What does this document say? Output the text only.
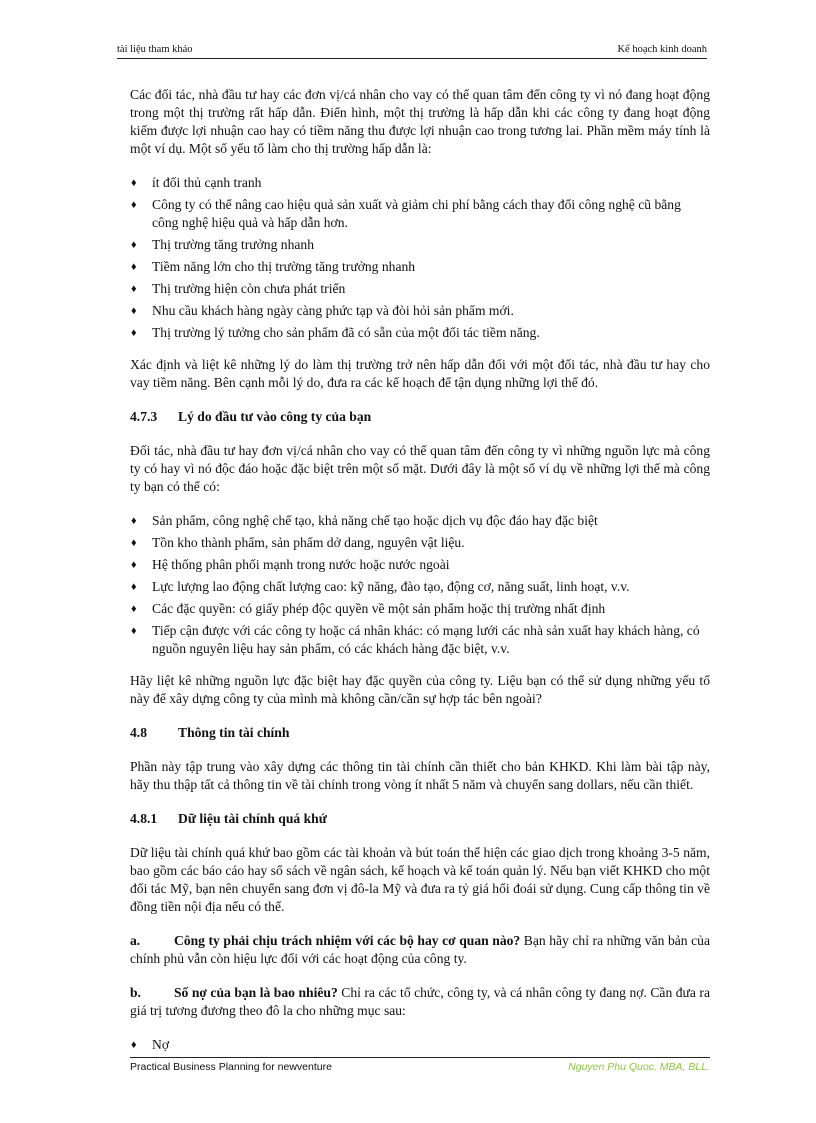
tài liệu tham khảo	Kế hoạch kinh doanh

Các đối tác, nhà đầu tư hay các đơn vị/cá nhân cho vay có thể quan tâm đến công ty vì nó đang hoạt động trong một thị trường rất hấp dẫn. Điển hình, một thị trường là hấp dẫn khi các công ty đang hoạt động kiếm được lợi nhuận cao hay có tiềm năng thu được lợi nhuận cao trong tương lai. Phần mềm máy tính là một ví dụ. Một số yếu tố làm cho thị trường hấp dẫn là:

♦ ít đối thủ cạnh tranh
♦ Công ty có thể nâng cao hiệu quả sản xuất và giảm chi phí bằng cách thay đổi công nghệ cũ bằng công nghệ hiệu quả và hấp dẫn hơn.
♦ Thị trường tăng trưởng nhanh
♦ Tiềm năng lớn cho thị trường tăng trưởng nhanh
♦ Thị trường hiện còn chưa phát triển
♦ Nhu cầu khách hàng ngày càng phức tạp và đòi hỏi sản phẩm mới.
♦ Thị trường lý tưởng cho sản phẩm đã có sẵn của một đối tác tiềm năng.

Xác định và liệt kê những lý do làm thị trường trở nên hấp dẫn đối với một đối tác, nhà đầu tư hay cho vay tiềm năng. Bên cạnh mỗi lý do, đưa ra các kế hoạch để tận dụng những lợi thế đó.

4.7.3 Lý do đầu tư vào công ty của bạn

Đối tác, nhà đầu tư hay đơn vị/cá nhân cho vay có thể quan tâm đến công ty vì những nguồn lực mà công ty có hay vì nó độc đáo hoặc đặc biệt trên một số mặt. Dưới đây là một số ví dụ về những lợi thế mà công ty bạn có thể có:

♦ Sản phẩm, công nghệ chế tạo, khả năng chế tạo hoặc dịch vụ độc đáo hay đặc biệt
♦ Tồn kho thành phẩm, sản phẩm dở dang, nguyên vật liệu.
♦ Hệ thống phân phối mạnh trong nước hoặc nước ngoài
♦ Lực lượng lao động chất lượng cao: kỹ năng, đào tạo, động cơ, năng suất, linh hoạt, v.v.
♦ Các đặc quyền: có giấy phép độc quyền về một sản phẩm hoặc thị trường nhất định
♦ Tiếp cận được với các công ty hoặc cá nhân khác: có mạng lưới các nhà sản xuất hay khách hàng, có nguồn nguyên liệu hay sản phẩm, có các khách hàng đặc biệt, v.v.

Hãy liệt kê những nguồn lực đặc biệt hay đặc quyền của công ty. Liệu bạn có thể sử dụng những yếu tố này để xây dựng công ty của mình mà không cần/cần sự hợp tác bên ngoài?

4.8 Thông tin tài chính

Phần này tập trung vào xây dựng các thông tin tài chính cần thiết cho bản KHKD. Khi làm bài tập này, hãy thu thập tất cả thông tin về tài chính trong vòng ít nhất 5 năm và chuyển sang dollars, nếu cần thiết.

4.8.1 Dữ liệu tài chính quá khứ

Dữ liệu tài chính quá khứ bao gồm các tài khoản và bút toán thể hiện các giao dịch trong khoảng 3-5 năm, bao gồm các báo cáo hay sổ sách về ngân sách, kế hoạch và kế toán quản lý. Nếu bạn viết KHKD cho một đối tác Mỹ, bạn nên chuyển sang đơn vị đô-la Mỹ và đưa ra tỷ giá hối đoái sử dụng. Cung cấp thông tin về đồng tiền nội địa nếu có thể.

a. Công ty phải chịu trách nhiệm với các bộ hay cơ quan nào? Bạn hãy chỉ ra những văn bản của chính phủ vẫn còn hiệu lực đối với các hoạt động của công ty.

b. Số nợ của bạn là bao nhiêu? Chỉ ra các tổ chức, công ty, và cá nhân công ty đang nợ. Cần đưa ra giá trị tương đương theo đô la cho những mục sau:

♦ Nợ
Practical Business Planning for newventure	Nguyen Phu Quoc, MBA, BLL.
